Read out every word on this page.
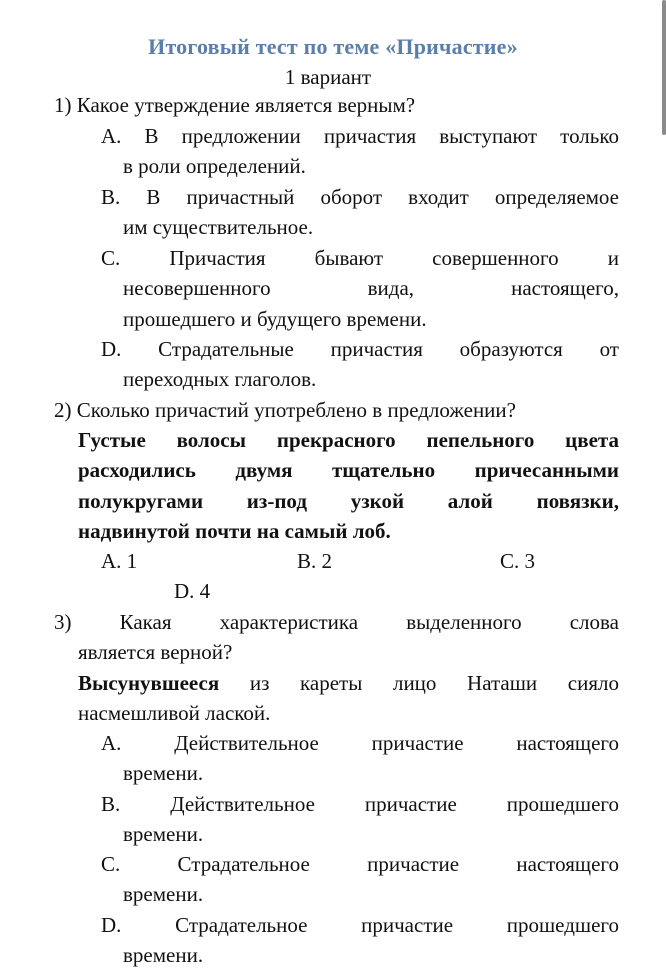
Итоговый тест по теме «Причастие»
1 вариант
1) Какое утверждение является верным?
A. В предложении причастия выступают только
в роли определений.
B. В причастный оборот входит определяемое
им существительное.
C. Причастия бывают совершенного и
несовершенного вида, настоящего,
прошедшего и будущего времени.
D. Страдательные причастия образуются от
переходных глаголов.
2) Сколько причастий употреблено в предложении?
Густые волосы прекрасного пепельного цвета
расходились двумя тщательно причесанными
полукругами из-под узкой алой повязки,
надвинутой почти на самый лоб.
A. 1	B. 2	C. 3
D. 4
3) Какая характеристика выделенного слова
является верной?
Высунувшееся из кареты лицо Наташи сияло
насмешливой лаской.
A. Действительное причастие настоящего
времени.
B. Действительное причастие прошедшего
времени.
C. Страдательное причастие настоящего
времени.
D. Страдательное причастие прошедшего
времени.
